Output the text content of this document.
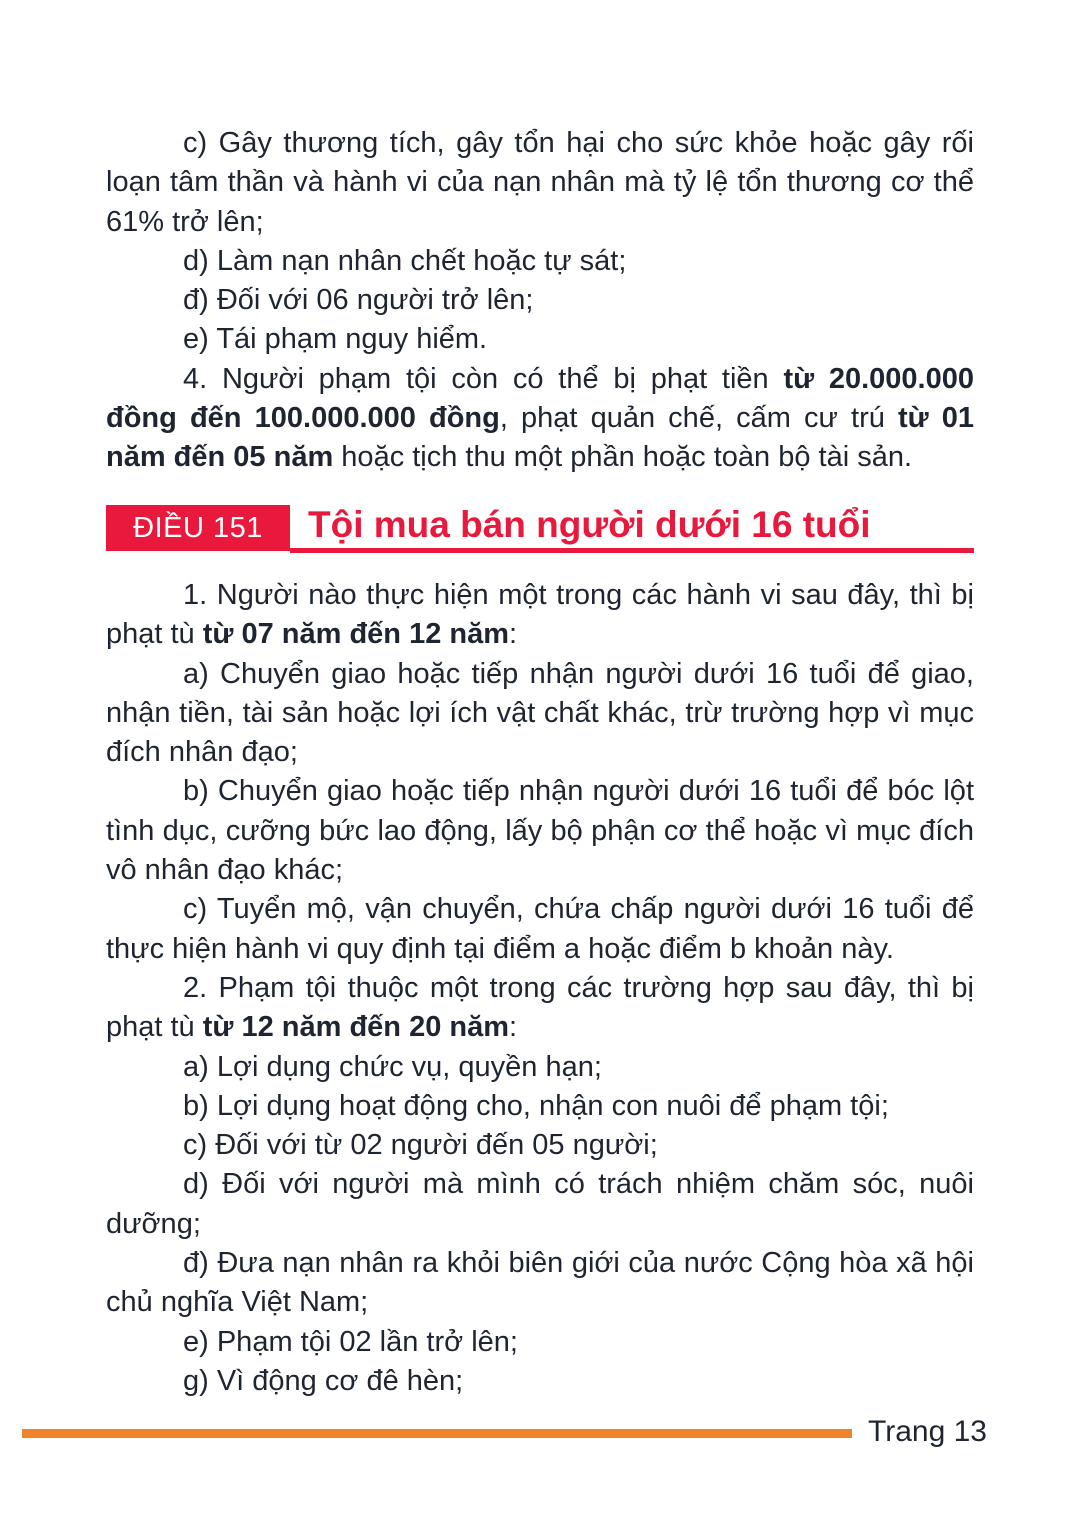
c) Gây thương tích, gây tổn hại cho sức khỏe hoặc gây rối loạn tâm thần và hành vi của nạn nhân mà tỷ lệ tổn thương cơ thể 61% trở lên;

d) Làm nạn nhân chết hoặc tự sát;

đ) Đối với 06 người trở lên;

e) Tái phạm nguy hiểm.

4. Người phạm tội còn có thể bị phạt tiền từ 20.000.000 đồng đến 100.000.000 đồng, phạt quản chế, cấm cư trú từ 01 năm đến 05 năm hoặc tịch thu một phần hoặc toàn bộ tài sản.

ĐIỀU 151	Tội mua bán người dưới 16 tuổi

1. Người nào thực hiện một trong các hành vi sau đây, thì bị phạt tù từ 07 năm đến 12 năm:

a) Chuyển giao hoặc tiếp nhận người dưới 16 tuổi để giao, nhận tiền, tài sản hoặc lợi ích vật chất khác, trừ trường hợp vì mục đích nhân đạo;

b) Chuyển giao hoặc tiếp nhận người dưới 16 tuổi để bóc lột tình dục, cưỡng bức lao động, lấy bộ phận cơ thể hoặc vì mục đích vô nhân đạo khác;

c) Tuyển mộ, vận chuyển, chứa chấp người dưới 16 tuổi để thực hiện hành vi quy định tại điểm a hoặc điểm b khoản này.

2. Phạm tội thuộc một trong các trường hợp sau đây, thì bị phạt tù từ 12 năm đến 20 năm:

a) Lợi dụng chức vụ, quyền hạn;

b) Lợi dụng hoạt động cho, nhận con nuôi để phạm tội;

c) Đối với từ 02 người đến 05 người;

d) Đối với người mà mình có trách nhiệm chăm sóc, nuôi dưỡng;

đ) Đưa nạn nhân ra khỏi biên giới của nước Cộng hòa xã hội chủ nghĩa Việt Nam;

e) Phạm tội 02 lần trở lên;

g) Vì động cơ đê hèn;

Trang 13
